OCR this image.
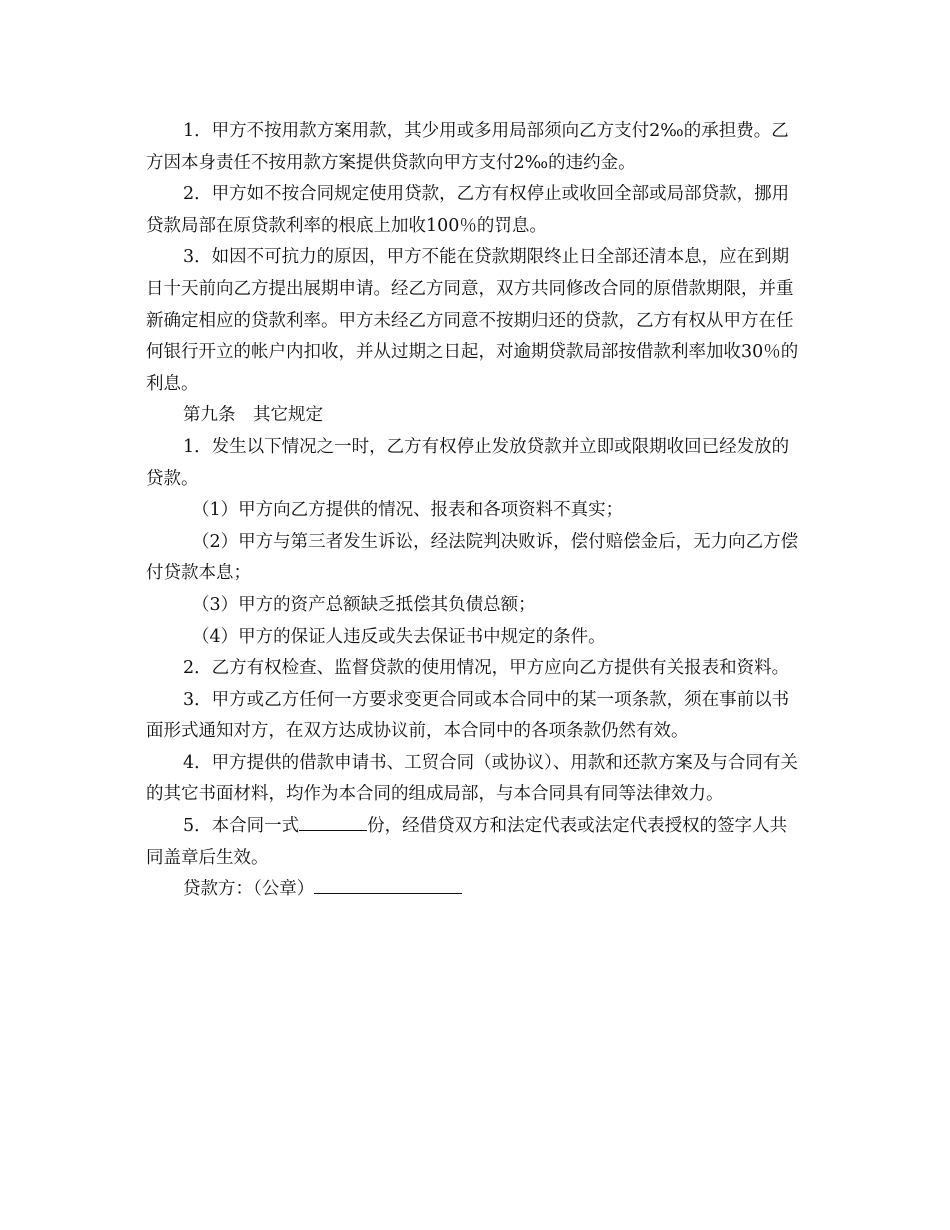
1．甲方不按用款方案用款，其少用或多用局部须向乙方支付2‰的承担费。乙方因本身责任不按用款方案提供贷款向甲方支付2‰的违约金。

2．甲方如不按合同规定使用贷款，乙方有权停止或收回全部或局部贷款，挪用贷款局部在原贷款利率的根底上加收100％的罚息。

3．如因不可抗力的原因，甲方不能在贷款期限终止日全部还清本息，应在到期日十天前向乙方提出展期申请。经乙方同意，双方共同修改合同的原借款期限，并重新确定相应的贷款利率。甲方未经乙方同意不按期归还的贷款，乙方有权从甲方在任何银行开立的帐户内扣收，并从过期之日起，对逾期贷款局部按借款利率加收30％的利息。

第九条　其它规定

1．发生以下情况之一时，乙方有权停止发放贷款并立即或限期收回已经发放的贷款。

（1）甲方向乙方提供的情况、报表和各项资料不真实；

（2）甲方与第三者发生诉讼，经法院判决败诉，偿付赔偿金后，无力向乙方偿付贷款本息；

（3）甲方的资产总额缺乏抵偿其负债总额；

（4）甲方的保证人违反或失去保证书中规定的条件。

2．乙方有权检查、监督贷款的使用情况，甲方应向乙方提供有关报表和资料。

3．甲方或乙方任何一方要求变更合同或本合同中的某一项条款，须在事前以书面形式通知对方，在双方达成协议前，本合同中的各项条款仍然有效。

4．甲方提供的借款申请书、工贸合同（或协议）、用款和还款方案及与合同有关的其它书面材料，均作为本合同的组成局部，与本合同具有同等法律效力。

5．本合同一式	份，经借贷双方和法定代表或法定代表授权的签字人共同盖章后生效。

贷款方：（公章）
